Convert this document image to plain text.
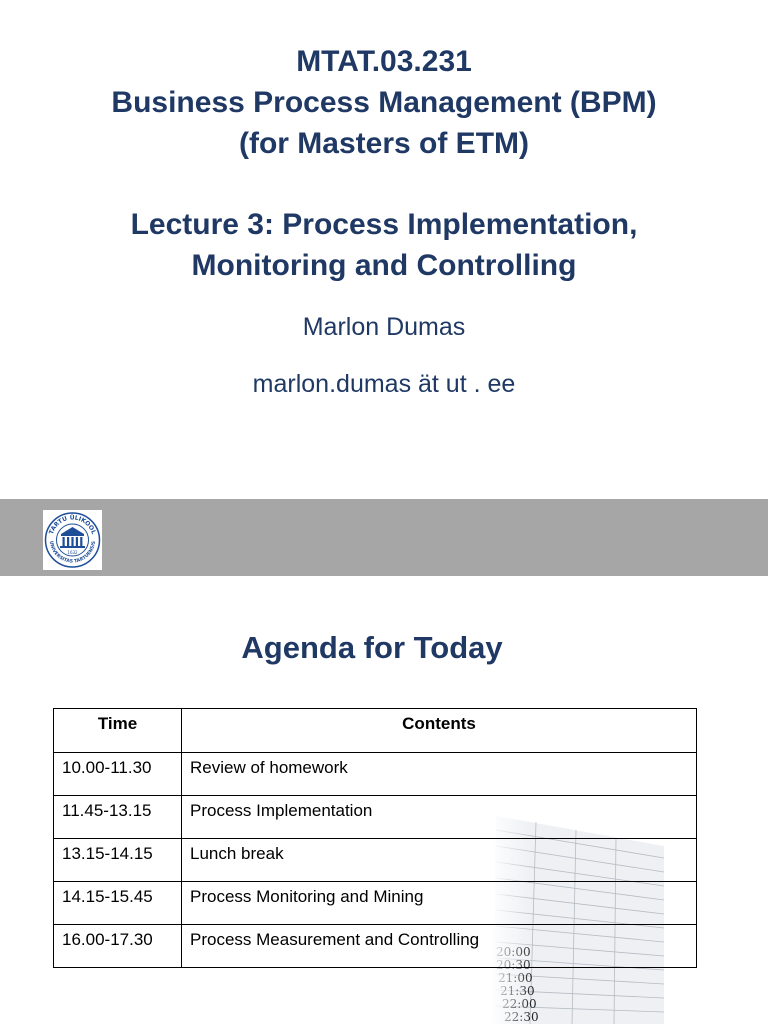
MTAT.03.231
Business Process Management (BPM)
(for Masters of ETM)
Lecture 3: Process Implementation,
Monitoring and Controlling
Marlon Dumas
marlon.dumas ät ut . ee
TARTU ÜLIKOOL
UNIVERSITAS TARTUENSIS
1632
Agenda for Today
Time	Contents
10.00-11.30	Review of homework
11.45-13.15	Process Implementation
13.15-14.15	Lunch break
14.15-15.45	Process Monitoring and Mining
16.00-17.30	Process Measurement and Controlling
